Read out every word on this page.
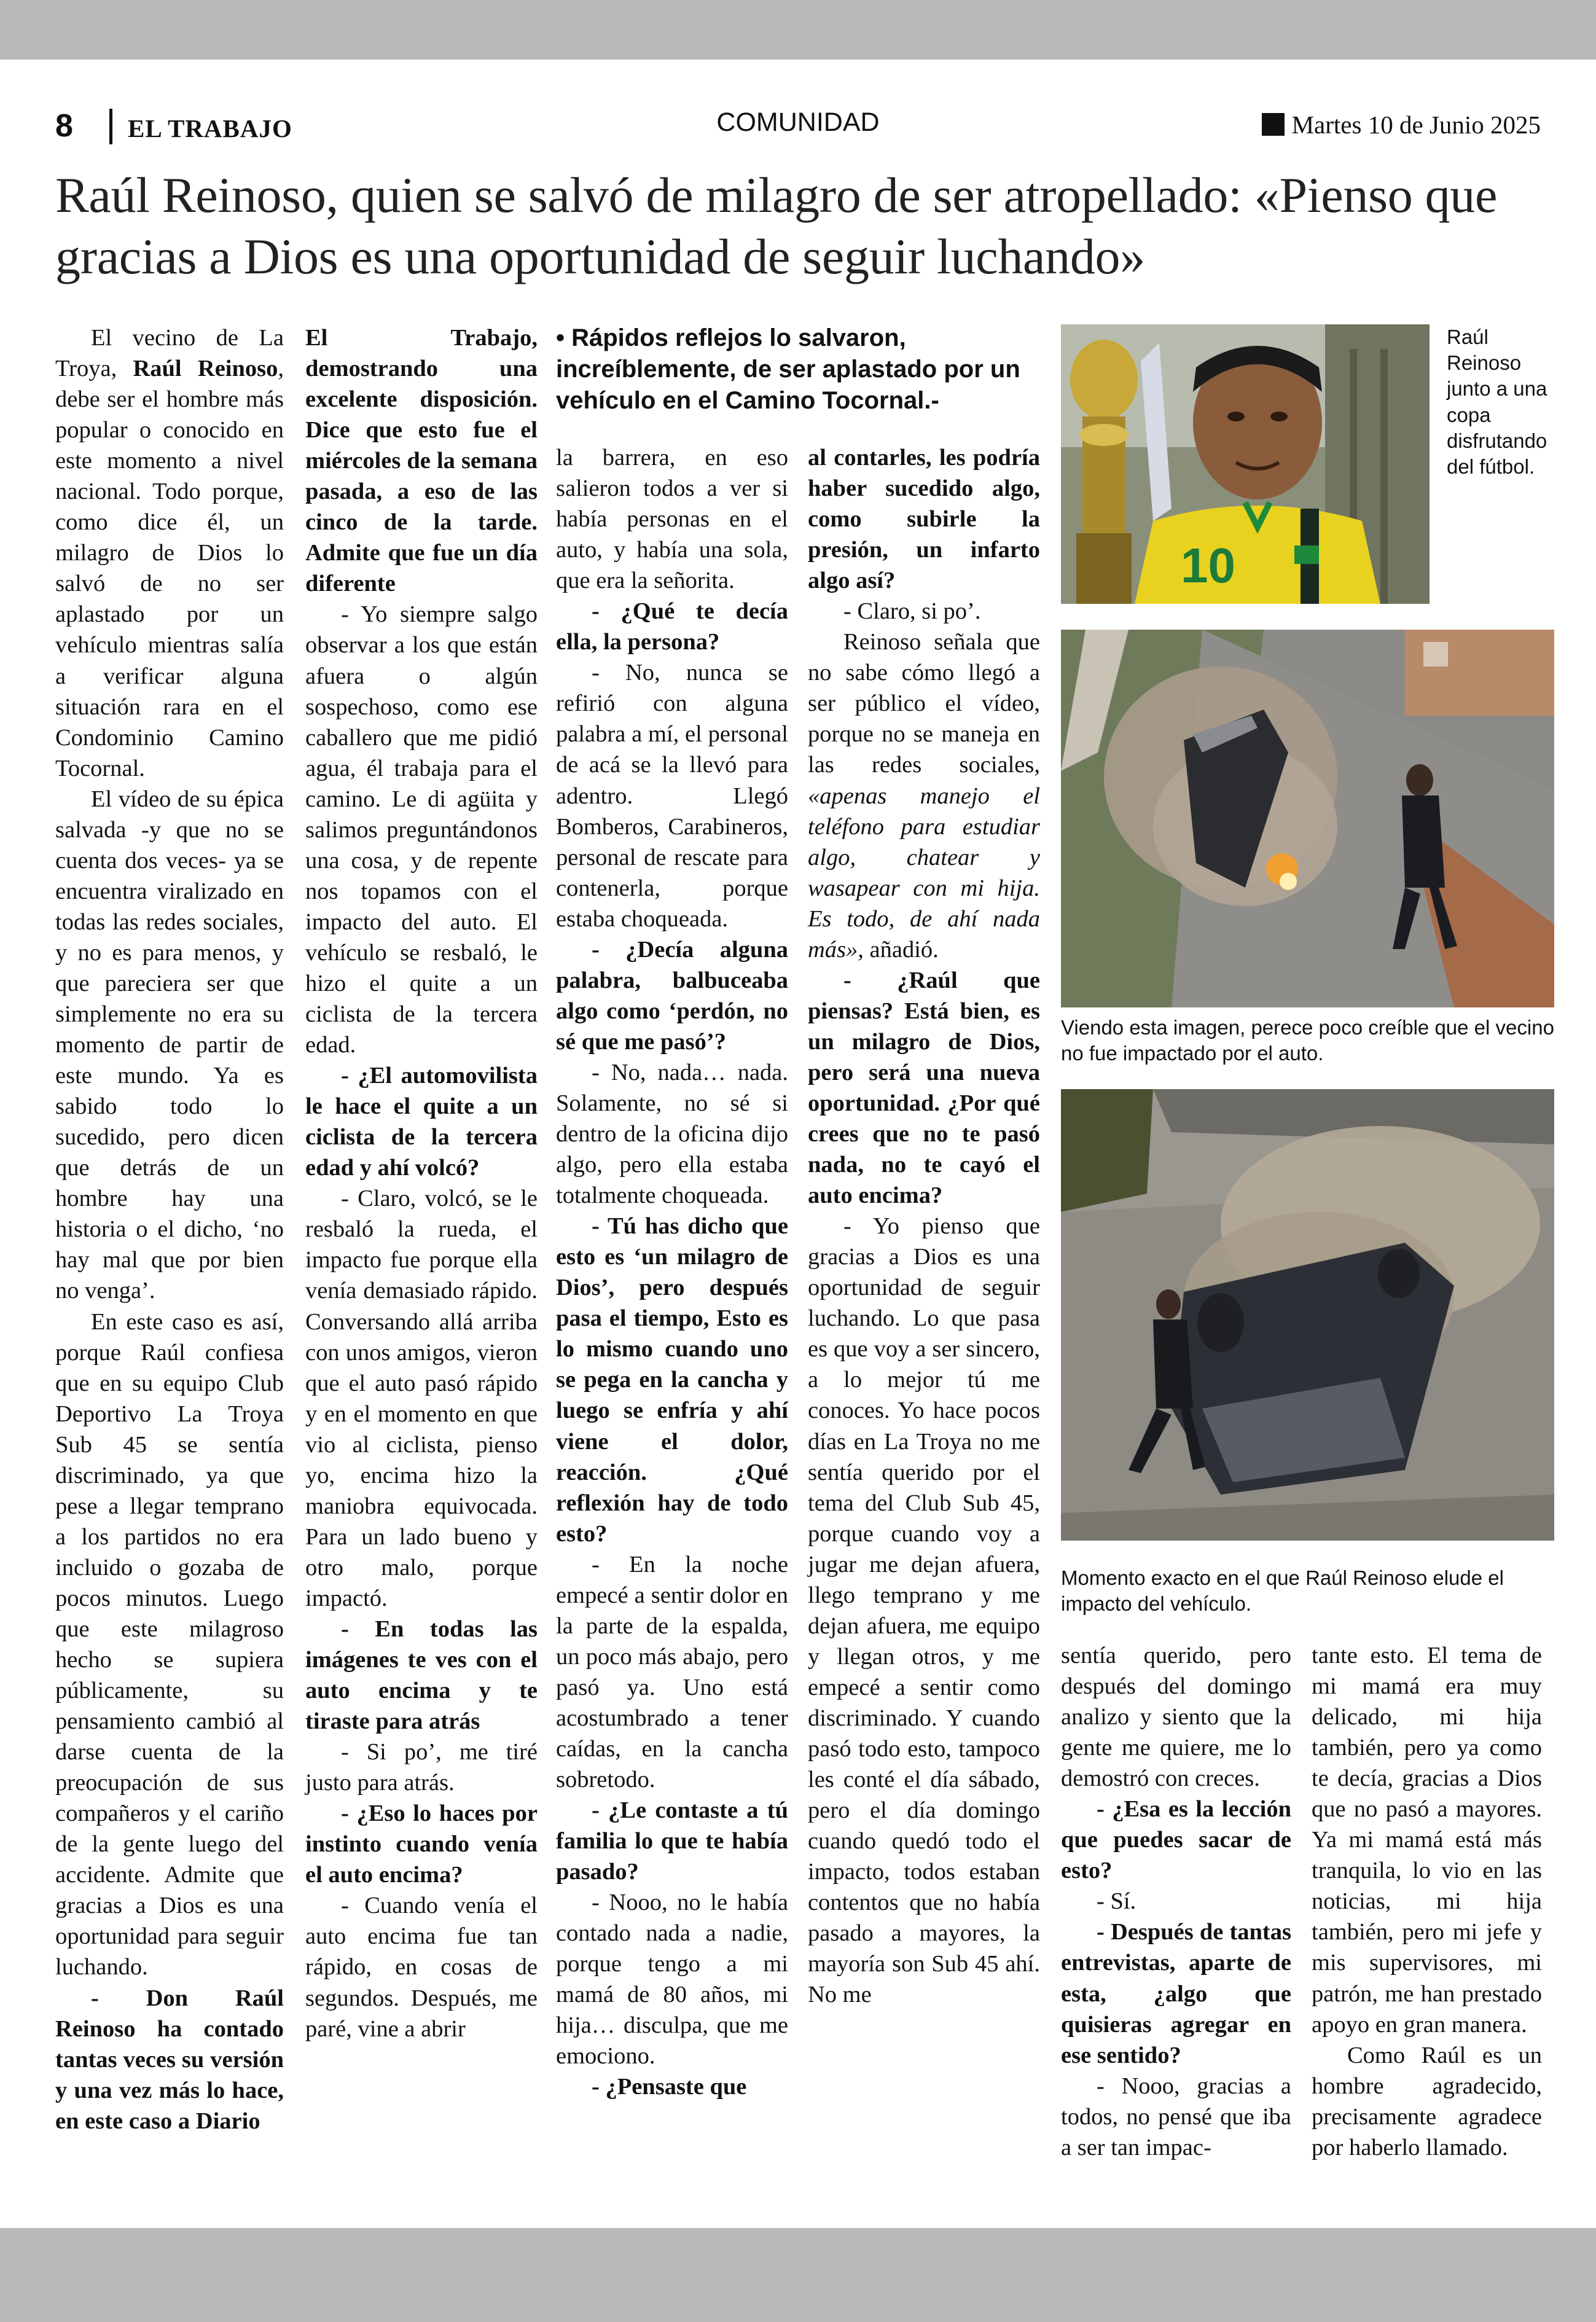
8 EL TRABAJO	COMUNIDAD	Martes 10 de Junio 2025
Raúl Reinoso, quien se salvó de milagro de ser atropellado: «Pienso que gracias a Dios es una oportunidad de seguir luchando»

El vecino de La Troya, Raúl Reinoso, debe ser el hombre más popular o conocido en este momento a nivel nacional. Todo porque, como dice él, un milagro de Dios lo salvó de no ser aplastado por un vehículo mientras salía a verificar alguna situación rara en el Condominio Camino Tocornal.

El vídeo de su épica salvada -y que no se cuenta dos veces- ya se encuentra viralizado en todas las redes sociales, y no es para menos, y que pareciera ser que simplemente no era su momento de partir de este mundo. Ya es sabido todo lo sucedido, pero dicen que detrás de un hombre hay una historia o el dicho, ‘no hay mal que por bien no venga’.

En este caso es así, porque Raúl confiesa que en su equipo Club Deportivo La Troya Sub 45 se sentía discriminado, ya que pese a llegar temprano a los partidos no era incluido o gozaba de pocos minutos. Luego que este milagroso hecho se supiera públicamente, su pensamiento cambió al darse cuenta de la preocupación de sus compañeros y el cariño de la gente luego del accidente. Admite que gracias a Dios es una oportunidad para seguir luchando.

- Don Raúl Reinoso ha contado tantas veces su versión y una vez más lo hace, en este caso a Diario

El Trabajo, demostrando una excelente disposición. Dice que esto fue el miércoles de la semana pasada, a eso de las cinco de la tarde. Admite que fue un día diferente

- Yo siempre salgo observar a los que están afuera o algún sospechoso, como ese caballero que me pidió agua, él trabaja para el camino. Le di agüita y salimos preguntándonos una cosa, y de repente nos topamos con el impacto del auto. El vehículo se resbaló, le hizo el quite a un ciclista de la tercera edad.

- ¿El automovilista le hace el quite a un ciclista de la tercera edad y ahí volcó?

- Claro, volcó, se le resbaló la rueda, el impacto fue porque ella venía demasiado rápido. Conversando allá arriba con unos amigos, vieron que el auto pasó rápido y en el momento en que vio al ciclista, pienso yo, encima hizo la maniobra equivocada. Para un lado bueno y otro malo, porque impactó.

- En todas las imágenes te ves con el auto encima y te tiraste para atrás

- Si po’, me tiré justo para atrás.

- ¿Eso lo haces por instinto cuando venía el auto encima?

- Cuando venía el auto encima fue tan rápido, en cosas de segundos. Después, me paré, vine a abrir

• Rápidos reflejos lo salvaron, increíblemente, de ser aplastado por un vehículo en el Camino Tocornal.-

la barrera, en eso salieron todos a ver si había personas en el auto, y había una sola, que era la señorita.

- ¿Qué te decía ella, la persona?

- No, nunca se refirió con alguna palabra a mí, el personal de acá se la llevó para adentro. Llegó Bomberos, Carabineros, personal de rescate para contenerla, porque estaba choqueada.

- ¿Decía alguna palabra, balbuceaba algo como ‘perdón, no sé que me pasó’?

- No, nada… nada. Solamente, no sé si dentro de la oficina dijo algo, pero ella estaba totalmente choqueada.

- Tú has dicho que esto es ‘un milagro de Dios’, pero después pasa el tiempo, Esto es lo mismo cuando uno se pega en la cancha y luego se enfría y ahí viene el dolor, reacción. ¿Qué reflexión hay de todo esto?

- En la noche empecé a sentir dolor en la parte de la espalda, un poco más abajo, pero pasó ya. Uno está acostumbrado a tener caídas, en la cancha sobretodo.

- ¿Le contaste a tú familia lo que te había pasado?

- Nooo, no le había contado nada a nadie, porque tengo a mi mamá de 80 años, mi hija… disculpa, que me emociono.

- ¿Pensaste que

al contarles, les podría haber sucedido algo, como subirle la presión, un infarto algo así?

- Claro, si po’.

Reinoso señala que no sabe cómo llegó a ser público el vídeo, porque no se maneja en las redes sociales, «apenas manejo el teléfono para estudiar algo, chatear y wasapear con mi hija. Es todo, de ahí nada más», añadió.

- ¿Raúl que piensas? Está bien, es un milagro de Dios, pero será una nueva oportunidad. ¿Por qué crees que no te pasó nada, no te cayó el auto encima?

- Yo pienso que gracias a Dios es una oportunidad de seguir luchando. Lo que pasa es que voy a ser sincero, a lo mejor tú me conoces. Yo hace pocos días en La Troya no me sentía querido por el tema del Club Sub 45, porque cuando voy a jugar me dejan afuera, llego temprano y me dejan afuera, me equipo y llegan otros, y me empecé a sentir como discriminado. Y cuando pasó todo esto, tampoco les conté el día sábado, pero el día domingo cuando quedó todo el impacto, todos estaban contentos que no había pasado a mayores, la mayoría son Sub 45 ahí. No me

10
Raúl Reinoso junto a una copa disfrutando del fútbol.
Viendo esta imagen, perece poco creíble que el vecino no fue impactado por el auto.
Momento exacto en el que Raúl Reinoso elude el impacto del vehículo.

sentía querido, pero después del domingo analizo y siento que la gente me quiere, me lo demostró con creces.

- ¿Esa es la lección que puedes sacar de esto?

- Sí.

- Después de tantas entrevistas, aparte de esta, ¿algo que quisieras agregar en ese sentido?

- Nooo, gracias a todos, no pensé que iba a ser tan impac-

tante esto. El tema de mi mamá era muy delicado, mi hija también, pero ya como te decía, gracias a Dios que no pasó a mayores. Ya mi mamá está más tranquila, lo vio en las noticias, mi hija también, pero mi jefe y mis supervisores, mi patrón, me han prestado apoyo en gran manera.

Como Raúl es un hombre agradecido, precisamente agradece por haberlo llamado.
